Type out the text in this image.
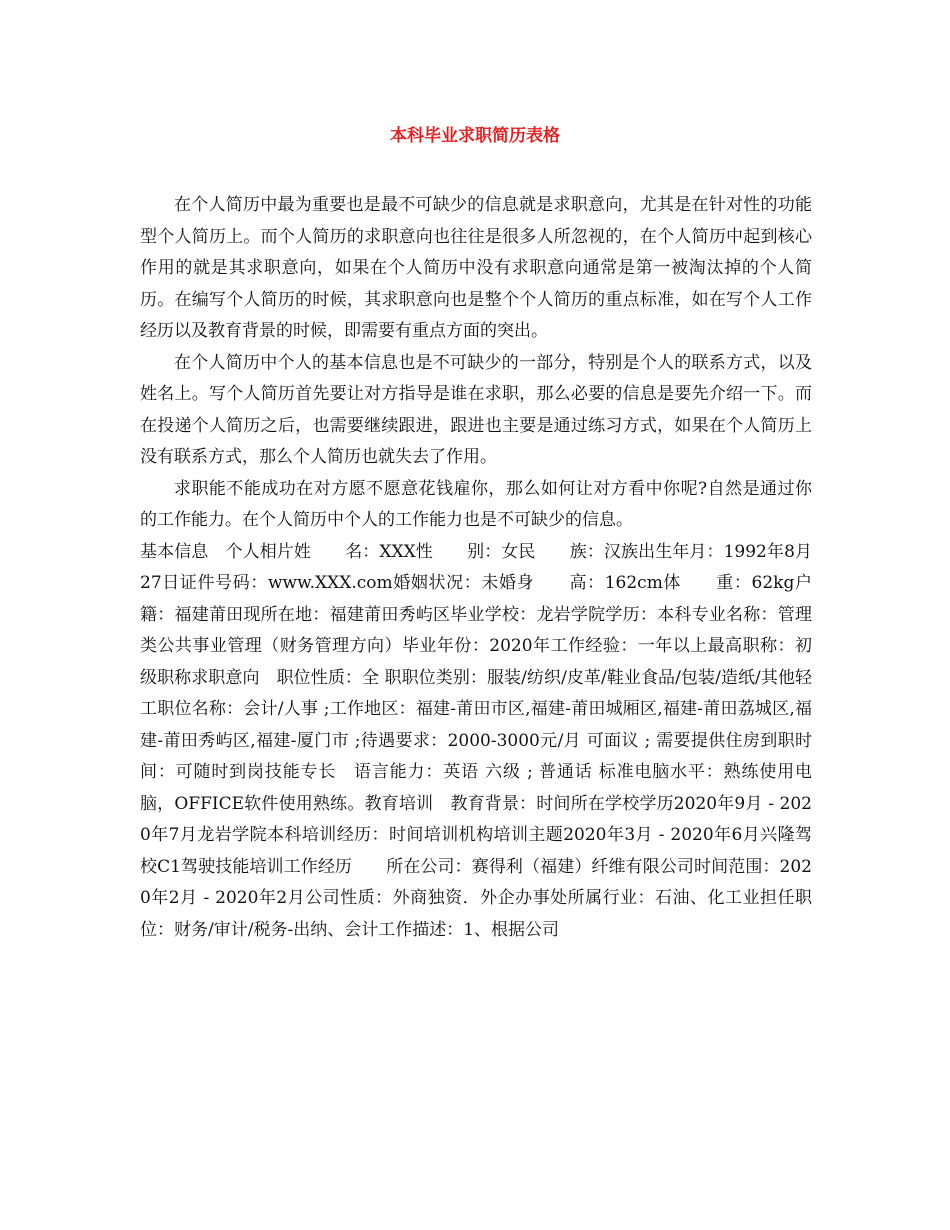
本科毕业求职简历表格

在个人简历中最为重要也是最不可缺少的信息就是求职意向，尤其是在针对性的功能型个人简历上。而个人简历的求职意向也往往是很多人所忽视的，在个人简历中起到核心作用的就是其求职意向，如果在个人简历中没有求职意向通常是第一被淘汰掉的个人简历。在编写个人简历的时候，其求职意向也是整个个人简历的重点标准，如在写个人工作经历以及教育背景的时候，即需要有重点方面的突出。

在个人简历中个人的基本信息也是不可缺少的一部分，特别是个人的联系方式，以及姓名上。写个人简历首先要让对方指导是谁在求职，那么必要的信息是要先介绍一下。而在投递个人简历之后，也需要继续跟进，跟进也主要是通过练习方式，如果在个人简历上没有联系方式，那么个人简历也就失去了作用。

求职能不能成功在对方愿不愿意花钱雇你，那么如何让对方看中你呢?自然是通过你的工作能力。在个人简历中个人的工作能力也是不可缺少的信息。

基本信息　个人相片姓　　名：XXX性　　别：女民　　族：汉族出生年月：1992年8月27日证件号码：www.XXX.com婚姻状况：未婚身　　高：162cm体　　重：62kg户　　籍：福建莆田现所在地：福建莆田秀屿区毕业学校：龙岩学院学历：本科专业名称：管理类公共事业管理（财务管理方向）毕业年份：2020年工作经验：一年以上最高职称：初级职称求职意向　职位性质：全 职职位类别：服装/纺织/皮革/鞋业食品/包装/造纸/其他轻工职位名称：会计/人事 ;工作地区：福建-莆田市区,福建-莆田城厢区,福建-莆田荔城区,福建-莆田秀屿区,福建-厦门市 ;待遇要求：2000-3000元/月 可面议 ; 需要提供住房到职时间：可随时到岗技能专长　语言能力：英语 六级 ; 普通话 标准电脑水平：熟练使用电脑，OFFICE软件使用熟练。教育培训　教育背景：时间所在学校学历2020年9月 - 2020年7月龙岩学院本科培训经历：时间培训机构培训主题2020年3月 - 2020年6月兴隆驾校C1驾驶技能培训工作经历　　所在公司：赛得利（福建）纤维有限公司时间范围：2020年2月 - 2020年2月公司性质：外商独资．外企办事处所属行业：石油、化工业担任职位：财务/审计/税务-出纳、会计工作描述：1、根据公司
